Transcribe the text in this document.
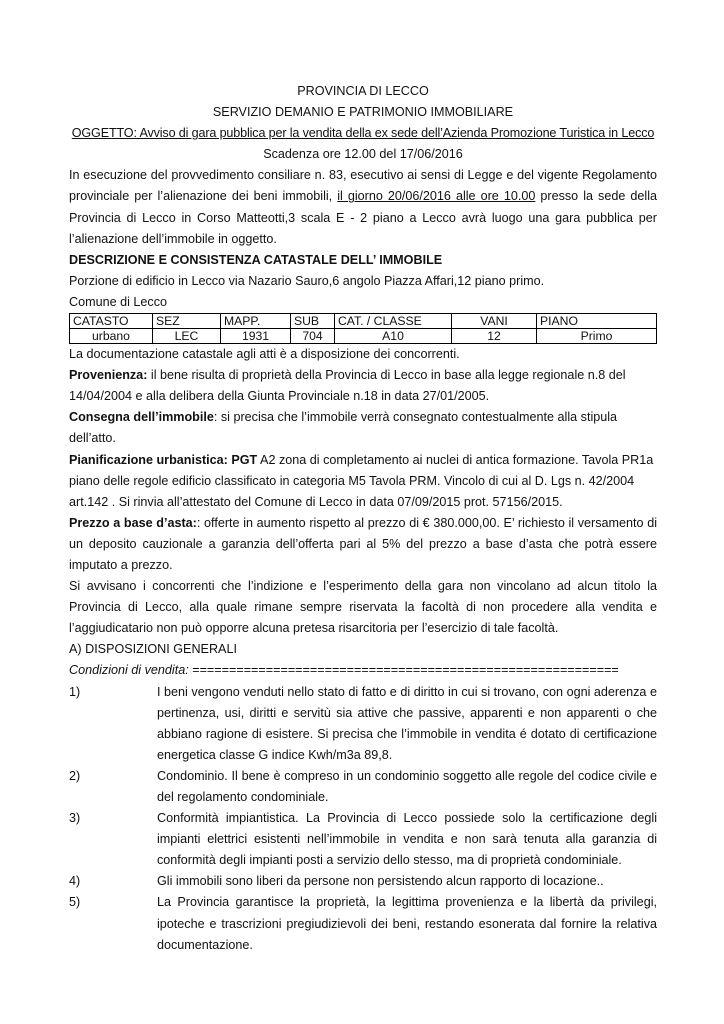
PROVINCIA DI LECCO

SERVIZIO DEMANIO E PATRIMONIO IMMOBILIARE

OGGETTO: Avviso di gara pubblica per la vendita della ex sede dell’Azienda Promozione Turistica in Lecco

Scadenza ore 12.00 del 17/06/2016

In esecuzione del provvedimento consiliare n. 83, esecutivo ai sensi di Legge e del vigente Regolamento provinciale per l’alienazione dei beni immobili, il giorno 20/06/2016 alle ore 10.00 presso la sede della Provincia di Lecco in Corso Matteotti,3 scala E - 2 piano a Lecco avrà luogo una gara pubblica per l’alienazione dell’immobile in oggetto.

DESCRIZIONE E CONSISTENZA CATASTALE DELL’ IMMOBILE

Porzione di edificio in Lecco via Nazario Sauro,6 angolo Piazza Affari,12 piano primo.

Comune di Lecco

CATASTO	SEZ	MAPP.	SUB	CAT. / CLASSE	VANI	PIANO
urbano	LEC	1931	704	A10	12	Primo

La documentazione catastale agli atti è a disposizione dei concorrenti.

Provenienza: il bene risulta di proprietà della Provincia di Lecco in base alla legge regionale n.8 del 14/04/2004 e alla delibera della Giunta Provinciale n.18 in data 27/01/2005.

Consegna dell’immobile: si precisa che l’immobile verrà consegnato contestualmente alla stipula dell’atto.

Pianificazione urbanistica: PGT A2 zona di completamento ai nuclei di antica formazione. Tavola PR1a piano delle regole edificio classificato in categoria M5 Tavola PRM. Vincolo di cui al D. Lgs n. 42/2004 art.142 . Si rinvia all’attestato del Comune di Lecco in data 07/09/2015 prot. 57156/2015.

Prezzo a base d’asta:: offerte in aumento rispetto al prezzo di € 380.000,00. E’ richiesto il versamento di un deposito cauzionale a garanzia dell’offerta pari al 5% del prezzo a base d’asta che potrà essere imputato a prezzo.

Si avvisano i concorrenti che l’indizione e l’esperimento della gara non vincolano ad alcun titolo la Provincia di Lecco, alla quale rimane sempre riservata la facoltà di non procedere alla vendita e l’aggiudicatario non può opporre alcuna pretesa risarcitoria per l’esercizio di tale facoltà.

A) DISPOSIZIONI GENERALI

Condizioni di vendita: ==========================================================

1)	I beni vengono venduti nello stato di fatto e di diritto in cui si trovano, con ogni aderenza e pertinenza, usi, diritti e servitù sia attive che passive, apparenti e non apparenti o che abbiano ragione di esistere. Si precisa che l’immobile in vendita é dotato di certificazione energetica classe G indice Kwh/m3a 89,8.

2)	Condominio. Il bene è compreso in un condominio soggetto alle regole del codice civile e del regolamento condominiale.

3)	Conformità impiantistica. La Provincia di Lecco possiede solo la certificazione degli impianti elettrici esistenti nell’immobile in vendita e non sarà tenuta alla garanzia di conformità degli impianti posti a servizio dello stesso, ma di proprietà condominiale.

4)	Gli immobili sono liberi da persone non persistendo alcun rapporto di locazione..

5)	La Provincia garantisce la proprietà, la legittima provenienza e la libertà da privilegi, ipoteche e trascrizioni pregiudizievoli dei beni, restando esonerata dal fornire la relativa documentazione.
